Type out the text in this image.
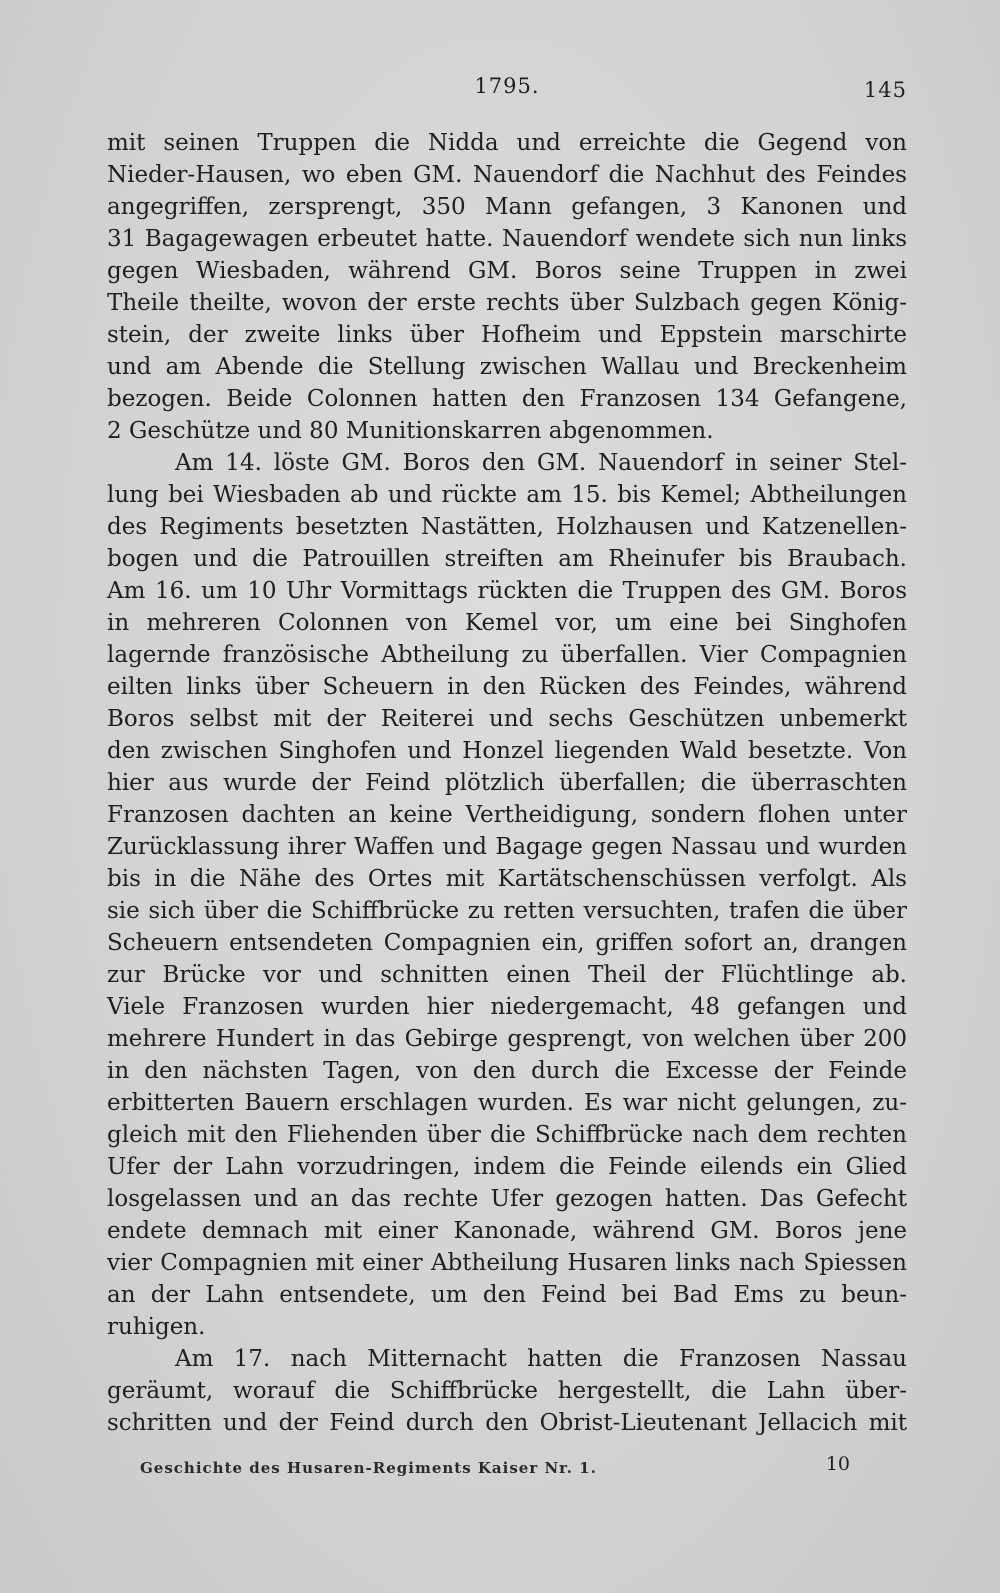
1795.	145
mit seinen Truppen die Nidda und erreichte die Gegend von
Nieder-Hausen, wo eben GM. Nauendorf die Nachhut des Feindes
angegriffen, zersprengt, 350 Mann gefangen, 3 Kanonen und
31 Bagagewagen erbeutet hatte. Nauendorf wendete sich nun links
gegen Wiesbaden, während GM. Boros seine Truppen in zwei
Theile theilte, wovon der erste rechts über Sulzbach gegen König-
stein, der zweite links über Hofheim und Eppstein marschirte
und am Abende die Stellung zwischen Wallau und Breckenheim
bezogen. Beide Colonnen hatten den Franzosen 134 Gefangene,
2 Geschütze und 80 Munitionskarren abgenommen.
Am 14. löste GM. Boros den GM. Nauendorf in seiner Stel-
lung bei Wiesbaden ab und rückte am 15. bis Kemel; Abtheilungen
des Regiments besetzten Nastätten, Holzhausen und Katzenellen-
bogen und die Patrouillen streiften am Rheinufer bis Braubach.
Am 16. um 10 Uhr Vormittags rückten die Truppen des GM. Boros
in mehreren Colonnen von Kemel vor, um eine bei Singhofen
lagernde französische Abtheilung zu überfallen. Vier Compagnien
eilten links über Scheuern in den Rücken des Feindes, während
Boros selbst mit der Reiterei und sechs Geschützen unbemerkt
den zwischen Singhofen und Honzel liegenden Wald besetzte. Von
hier aus wurde der Feind plötzlich überfallen; die überraschten
Franzosen dachten an keine Vertheidigung, sondern flohen unter
Zurücklassung ihrer Waffen und Bagage gegen Nassau und wurden
bis in die Nähe des Ortes mit Kartätschenschüssen verfolgt. Als
sie sich über die Schiffbrücke zu retten versuchten, trafen die über
Scheuern entsendeten Compagnien ein, griffen sofort an, drangen
zur Brücke vor und schnitten einen Theil der Flüchtlinge ab.
Viele Franzosen wurden hier niedergemacht, 48 gefangen und
mehrere Hundert in das Gebirge gesprengt, von welchen über 200
in den nächsten Tagen, von den durch die Excesse der Feinde
erbitterten Bauern erschlagen wurden. Es war nicht gelungen, zu-
gleich mit den Fliehenden über die Schiffbrücke nach dem rechten
Ufer der Lahn vorzudringen, indem die Feinde eilends ein Glied
losgelassen und an das rechte Ufer gezogen hatten. Das Gefecht
endete demnach mit einer Kanonade, während GM. Boros jene
vier Compagnien mit einer Abtheilung Husaren links nach Spiessen
an der Lahn entsendete, um den Feind bei Bad Ems zu beun-
ruhigen.
Am 17. nach Mitternacht hatten die Franzosen Nassau
geräumt, worauf die Schiffbrücke hergestellt, die Lahn über-
schritten und der Feind durch den Obrist-Lieutenant Jellacich mit
Geschichte des Husaren-Regiments Kaiser Nr. 1.	10
